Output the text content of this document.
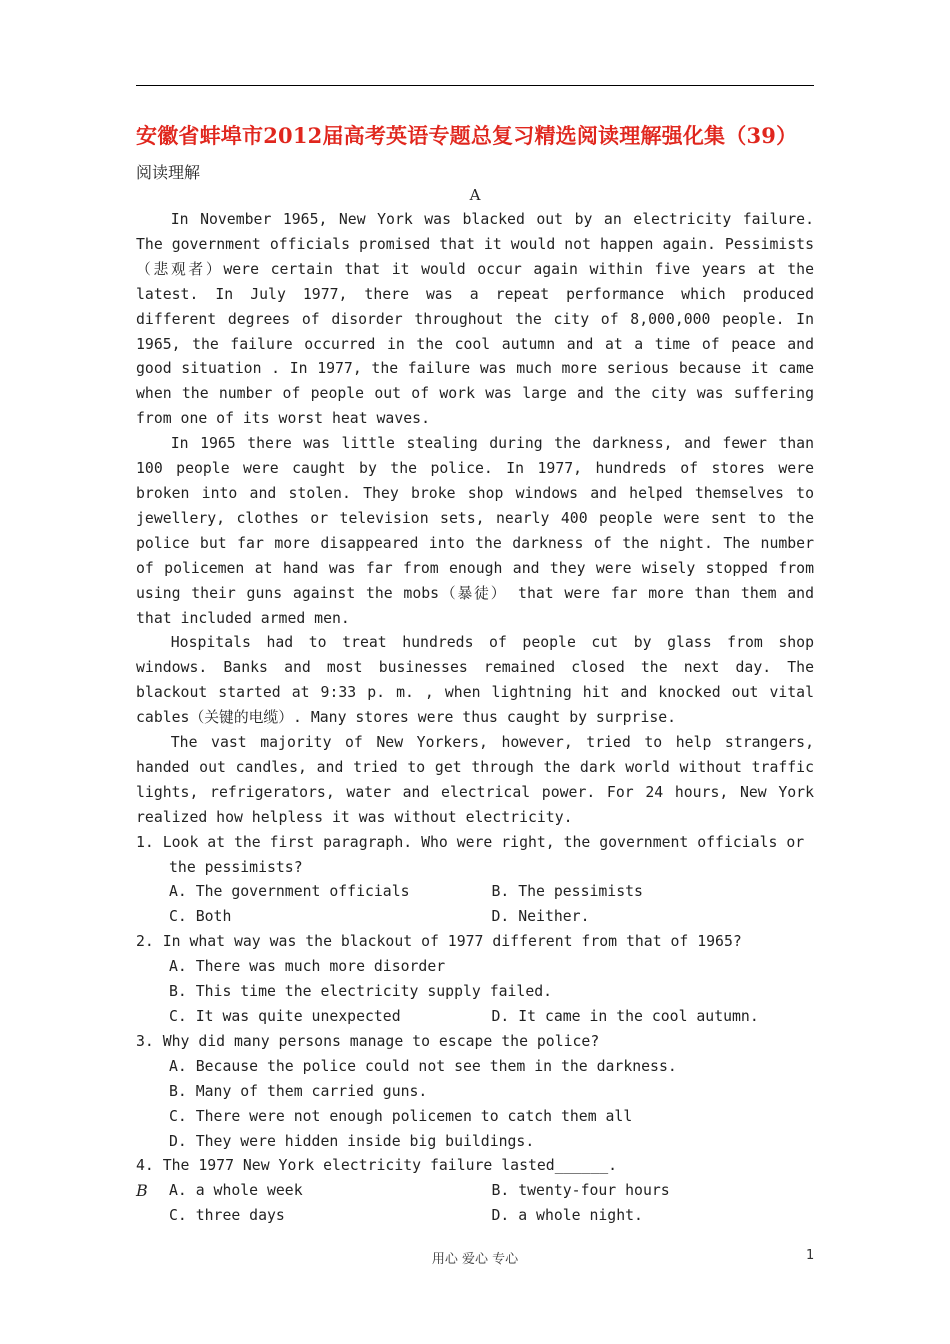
安徽省蚌埠市2012届高考英语专题总复习精选阅读理解强化集（39）
阅读理解
A

In November 1965, New York was blacked out by an electricity failure. The government officials promised that it would not happen again. Pessimists（悲观者）were certain that it would occur again within five years at the latest. In July 1977, there was a repeat performance which produced different degrees of disorder throughout the city of 8,000,000 people. In 1965, the failure occurred in the cool autumn and at a time of peace and good situation . In 1977, the failure was much more serious because it came when the number of people out of work was large and the city was suffering from one of its worst heat waves.

In 1965 there was little stealing during the darkness, and fewer than 100 people were caught by the police. In 1977, hundreds of stores were broken into and stolen. They broke shop windows and helped themselves to jewellery, clothes or television sets, nearly 400 people were sent to the police but far more disappeared into the darkness of the night. The number of policemen at hand was far from enough and they were wisely stopped from using their guns against the mobs（暴徒） that were far more than them and that included armed men.

Hospitals had to treat hundreds of people cut by glass from shop windows. Banks and most businesses remained closed the next day. The blackout started at 9:33 p. m. , when lightning hit and knocked out vital cables（关键的电缆）. Many stores were thus caught by surprise.

The vast majority of New Yorkers, however, tried to help strangers, handed out candles, and tried to get through the dark world without traffic lights, refrigerators, water and electrical power. For 24 hours, New York realized how helpless it was without electricity.

1. Look at the first paragraph. Who were right, the government officials or the pessimists?

A. The government officials	B. The pessimists
C. Both	D. Neither.

2. In what way was the blackout of 1977 different from that of 1965?

A. There was much more disorder
B. This time the electricity supply failed.
C. It was quite unexpected	D. It came in the cool autumn.

3. Why did many persons manage to escape the police?

A. Because the police could not see them in the darkness.
B. Many of them carried guns.
C. There were not enough policemen to catch them all
D. They were hidden inside big buildings.

4. The 1977 New York electricity failure lasted______.

A. a whole week	B. twenty-four hours
C. three days	D. a whole night.
B
用心 爱心 专心	1
